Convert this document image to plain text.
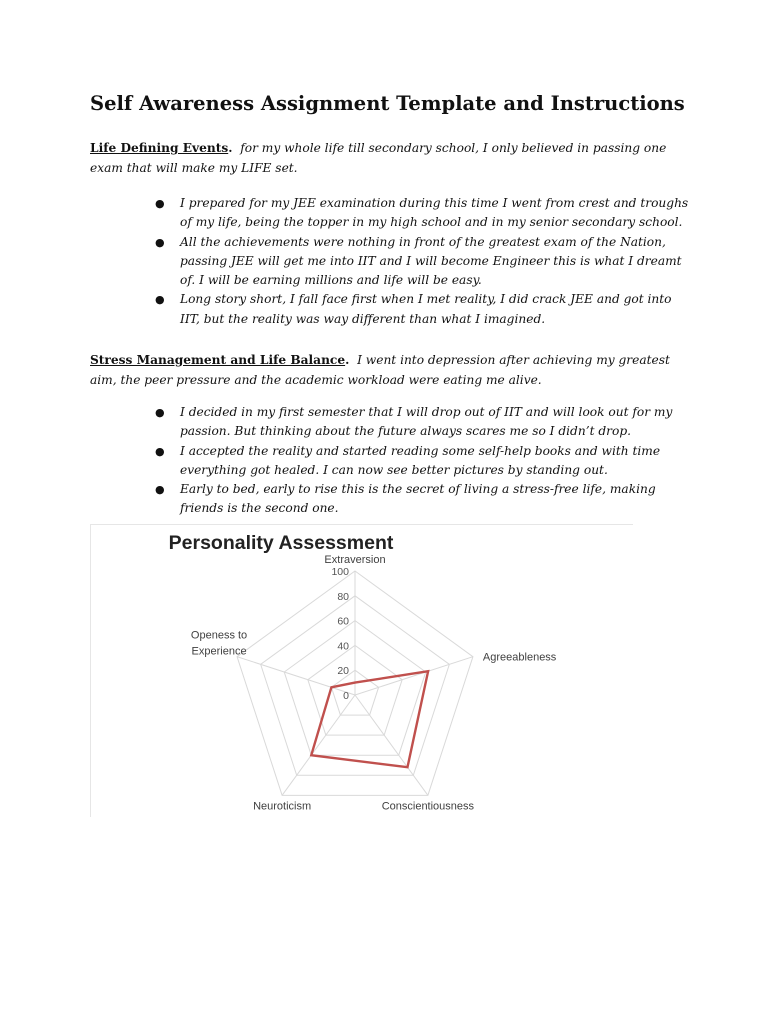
Self Awareness Assignment Template and Instructions

Life Defining Events. for my whole life till secondary school, I only believed in passing one exam that will make my LIFE set.

● I prepared for my JEE examination during this time I went from crest and troughs of my life, being the topper in my high school and in my senior secondary school.
● All the achievements were nothing in front of the greatest exam of the Nation, passing JEE will get me into IIT and I will become Engineer this is what I dreamt of. I will be earning millions and life will be easy.
● Long story short, I fall face first when I met reality, I did crack JEE and got into IIT, but the reality was way different than what I imagined.

Stress Management and Life Balance. I went into depression after achieving my greatest aim, the peer pressure and the academic workload were eating me alive.

● I decided in my first semester that I will drop out of IIT and will look out for my passion. But thinking about the future always scares me so I didn’t drop.
● I accepted the reality and started reading some self-help books and with time everything got healed. I can now see better pictures by standing out.
● Early to bed, early to rise this is the secret of living a stress-free life, making friends is the second one.
Personality Assessment
0
20
40
60
80
100
Extraversion
Agreeableness
Conscientiousness
Neuroticism
Openess to Experience
